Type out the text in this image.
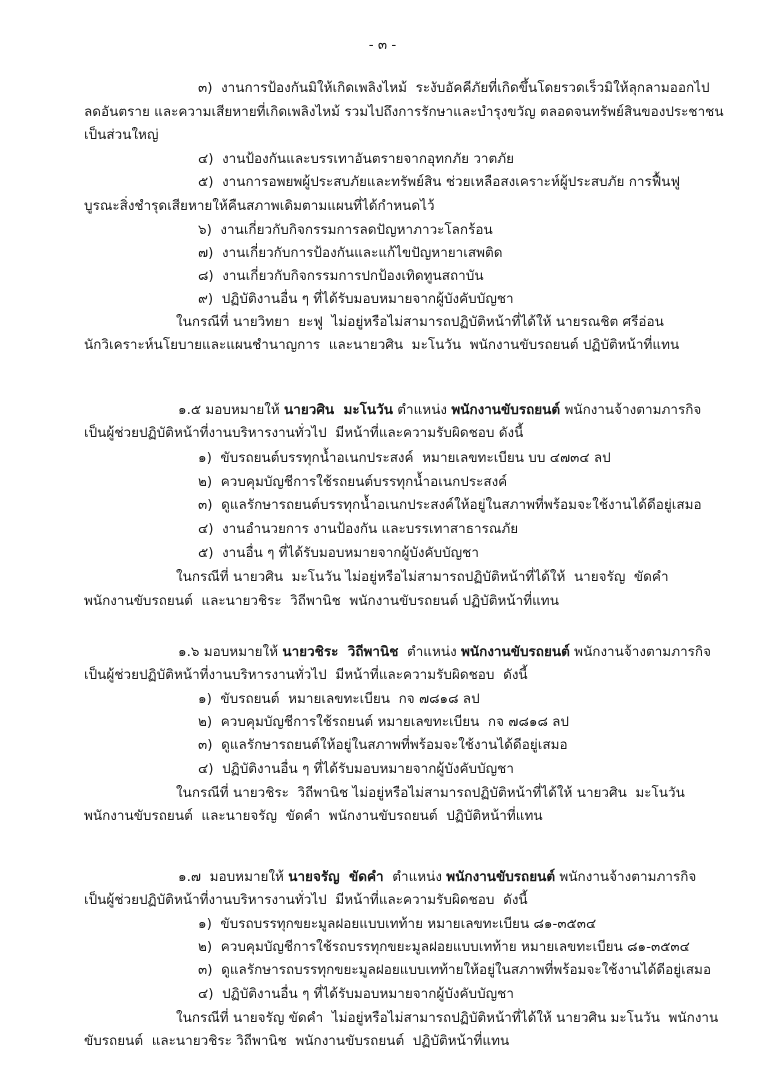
- ๓ -
๓)  งานการป้องกันมิให้เกิดเพลิงไหม้  ระงับอัคคีภัยที่เกิดขึ้นโดยรวดเร็วมิให้ลุกลามออกไป
ลดอันตราย และความเสียหายที่เกิดเพลิงไหม้ รวมไปถึงการรักษาและบำรุงขวัญ ตลอดจนทรัพย์สินของประชาชน
เป็นส่วนใหญ่
๔)  งานป้องกันและบรรเทาอันตรายจากอุทกภัย วาตภัย
๕)  งานการอพยพผู้ประสบภัยและทรัพย์สิน ช่วยเหลือสงเคราะห์ผู้ประสบภัย การฟื้นฟู
บูรณะสิ่งชำรุดเสียหายให้คืนสภาพเดิมตามแผนที่ได้กำหนดไว้
๖)  งานเกี่ยวกับกิจกรรมการลดปัญหาภาวะโลกร้อน
๗)  งานเกี่ยวกับการป้องกันและแก้ไขปัญหายาเสพติด
๘)  งานเกี่ยวกับกิจกรรมการปกป้องเทิดทูนสถาบัน
๙)  ปฏิบัติงานอื่น ๆ ที่ได้รับมอบหมายจากผู้บังคับบัญชา
ในกรณีที่ นายวิทยา  ยะฟู  ไม่อยู่หรือไม่สามารถปฏิบัติหน้าที่ได้ให้ นายรณชิต ศรีอ่อน
นักวิเคราะห์นโยบายและแผนชำนาญการ  และนายวศิน  มะโนวัน  พนักงานขับรถยนต์ ปฏิบัติหน้าที่แทน
๑.๕ มอบหมายให้ นายวศิน  มะโนวัน ตำแหน่ง พนักงานขับรถยนต์ พนักงานจ้างตามภารกิจ
เป็นผู้ช่วยปฏิบัติหน้าที่งานบริหารงานทั่วไป  มีหน้าที่และความรับผิดชอบ ดังนี้
๑)  ขับรถยนต์บรรทุกน้ำอเนกประสงค์  หมายเลขทะเบียน บบ ๔๗๓๔ ลป
๒)  ควบคุมบัญชีการใช้รถยนต์บรรทุกน้ำอเนกประสงค์
๓)  ดูแลรักษารถยนต์บรรทุกน้ำอเนกประสงค์ให้อยู่ในสภาพที่พร้อมจะใช้งานได้ดีอยู่เสมอ
๔)  งานอำนวยการ งานป้องกัน และบรรเทาสาธารณภัย
๕)  งานอื่น ๆ ที่ได้รับมอบหมายจากผู้บังคับบัญชา
ในกรณีที่ นายวศิน  มะโนวัน ไม่อยู่หรือไม่สามารถปฏิบัติหน้าที่ได้ให้  นายจรัญ  ขัดคำ
พนักงานขับรถยนต์  และนายวชิระ  วิถีพานิช  พนักงานขับรถยนต์ ปฏิบัติหน้าที่แทน
๑.๖ มอบหมายให้ นายวชิระ  วิถีพานิช  ตำแหน่ง พนักงานขับรถยนต์ พนักงานจ้างตามภารกิจ
เป็นผู้ช่วยปฏิบัติหน้าที่งานบริหารงานทั่วไป  มีหน้าที่และความรับผิดชอบ  ดังนี้
๑)  ขับรถยนต์  หมายเลขทะเบียน  กจ ๗๘๑๘ ลป
๒)  ควบคุมบัญชีการใช้รถยนต์ หมายเลขทะเบียน  กจ ๗๘๑๘ ลป
๓)  ดูแลรักษารถยนต์ให้อยู่ในสภาพที่พร้อมจะใช้งานได้ดีอยู่เสมอ
๔)  ปฏิบัติงานอื่น ๆ ที่ได้รับมอบหมายจากผู้บังคับบัญชา
ในกรณีที่ นายวชิระ  วิถีพานิช ไม่อยู่หรือไม่สามารถปฏิบัติหน้าที่ได้ให้ นายวศิน  มะโนวัน
พนักงานขับรถยนต์  และนายจรัญ  ขัดคำ  พนักงานขับรถยนต์  ปฏิบัติหน้าที่แทน
๑.๗  มอบหมายให้ นายจรัญ  ขัดคำ  ตำแหน่ง พนักงานขับรถยนต์ พนักงานจ้างตามภารกิจ
เป็นผู้ช่วยปฏิบัติหน้าที่งานบริหารงานทั่วไป  มีหน้าที่และความรับผิดชอบ  ดังนี้
๑)  ขับรถบรรทุกขยะมูลฝอยแบบเทท้าย หมายเลขทะเบียน ๘๑-๓๕๓๔
๒)  ควบคุมบัญชีการใช้รถบรรทุกขยะมูลฝอยแบบเทท้าย หมายเลขทะเบียน ๘๑-๓๕๓๔
๓)  ดูแลรักษารถบรรทุกขยะมูลฝอยแบบเทท้ายให้อยู่ในสภาพที่พร้อมจะใช้งานได้ดีอยู่เสมอ
๔)  ปฏิบัติงานอื่น ๆ ที่ได้รับมอบหมายจากผู้บังคับบัญชา
ในกรณีที่ นายจรัญ ขัดคำ  ไม่อยู่หรือไม่สามารถปฏิบัติหน้าที่ได้ให้ นายวศิน มะโนวัน  พนักงาน
ขับรถยนต์  และนายวชิระ วิถีพานิช  พนักงานขับรถยนต์  ปฏิบัติหน้าที่แทน
